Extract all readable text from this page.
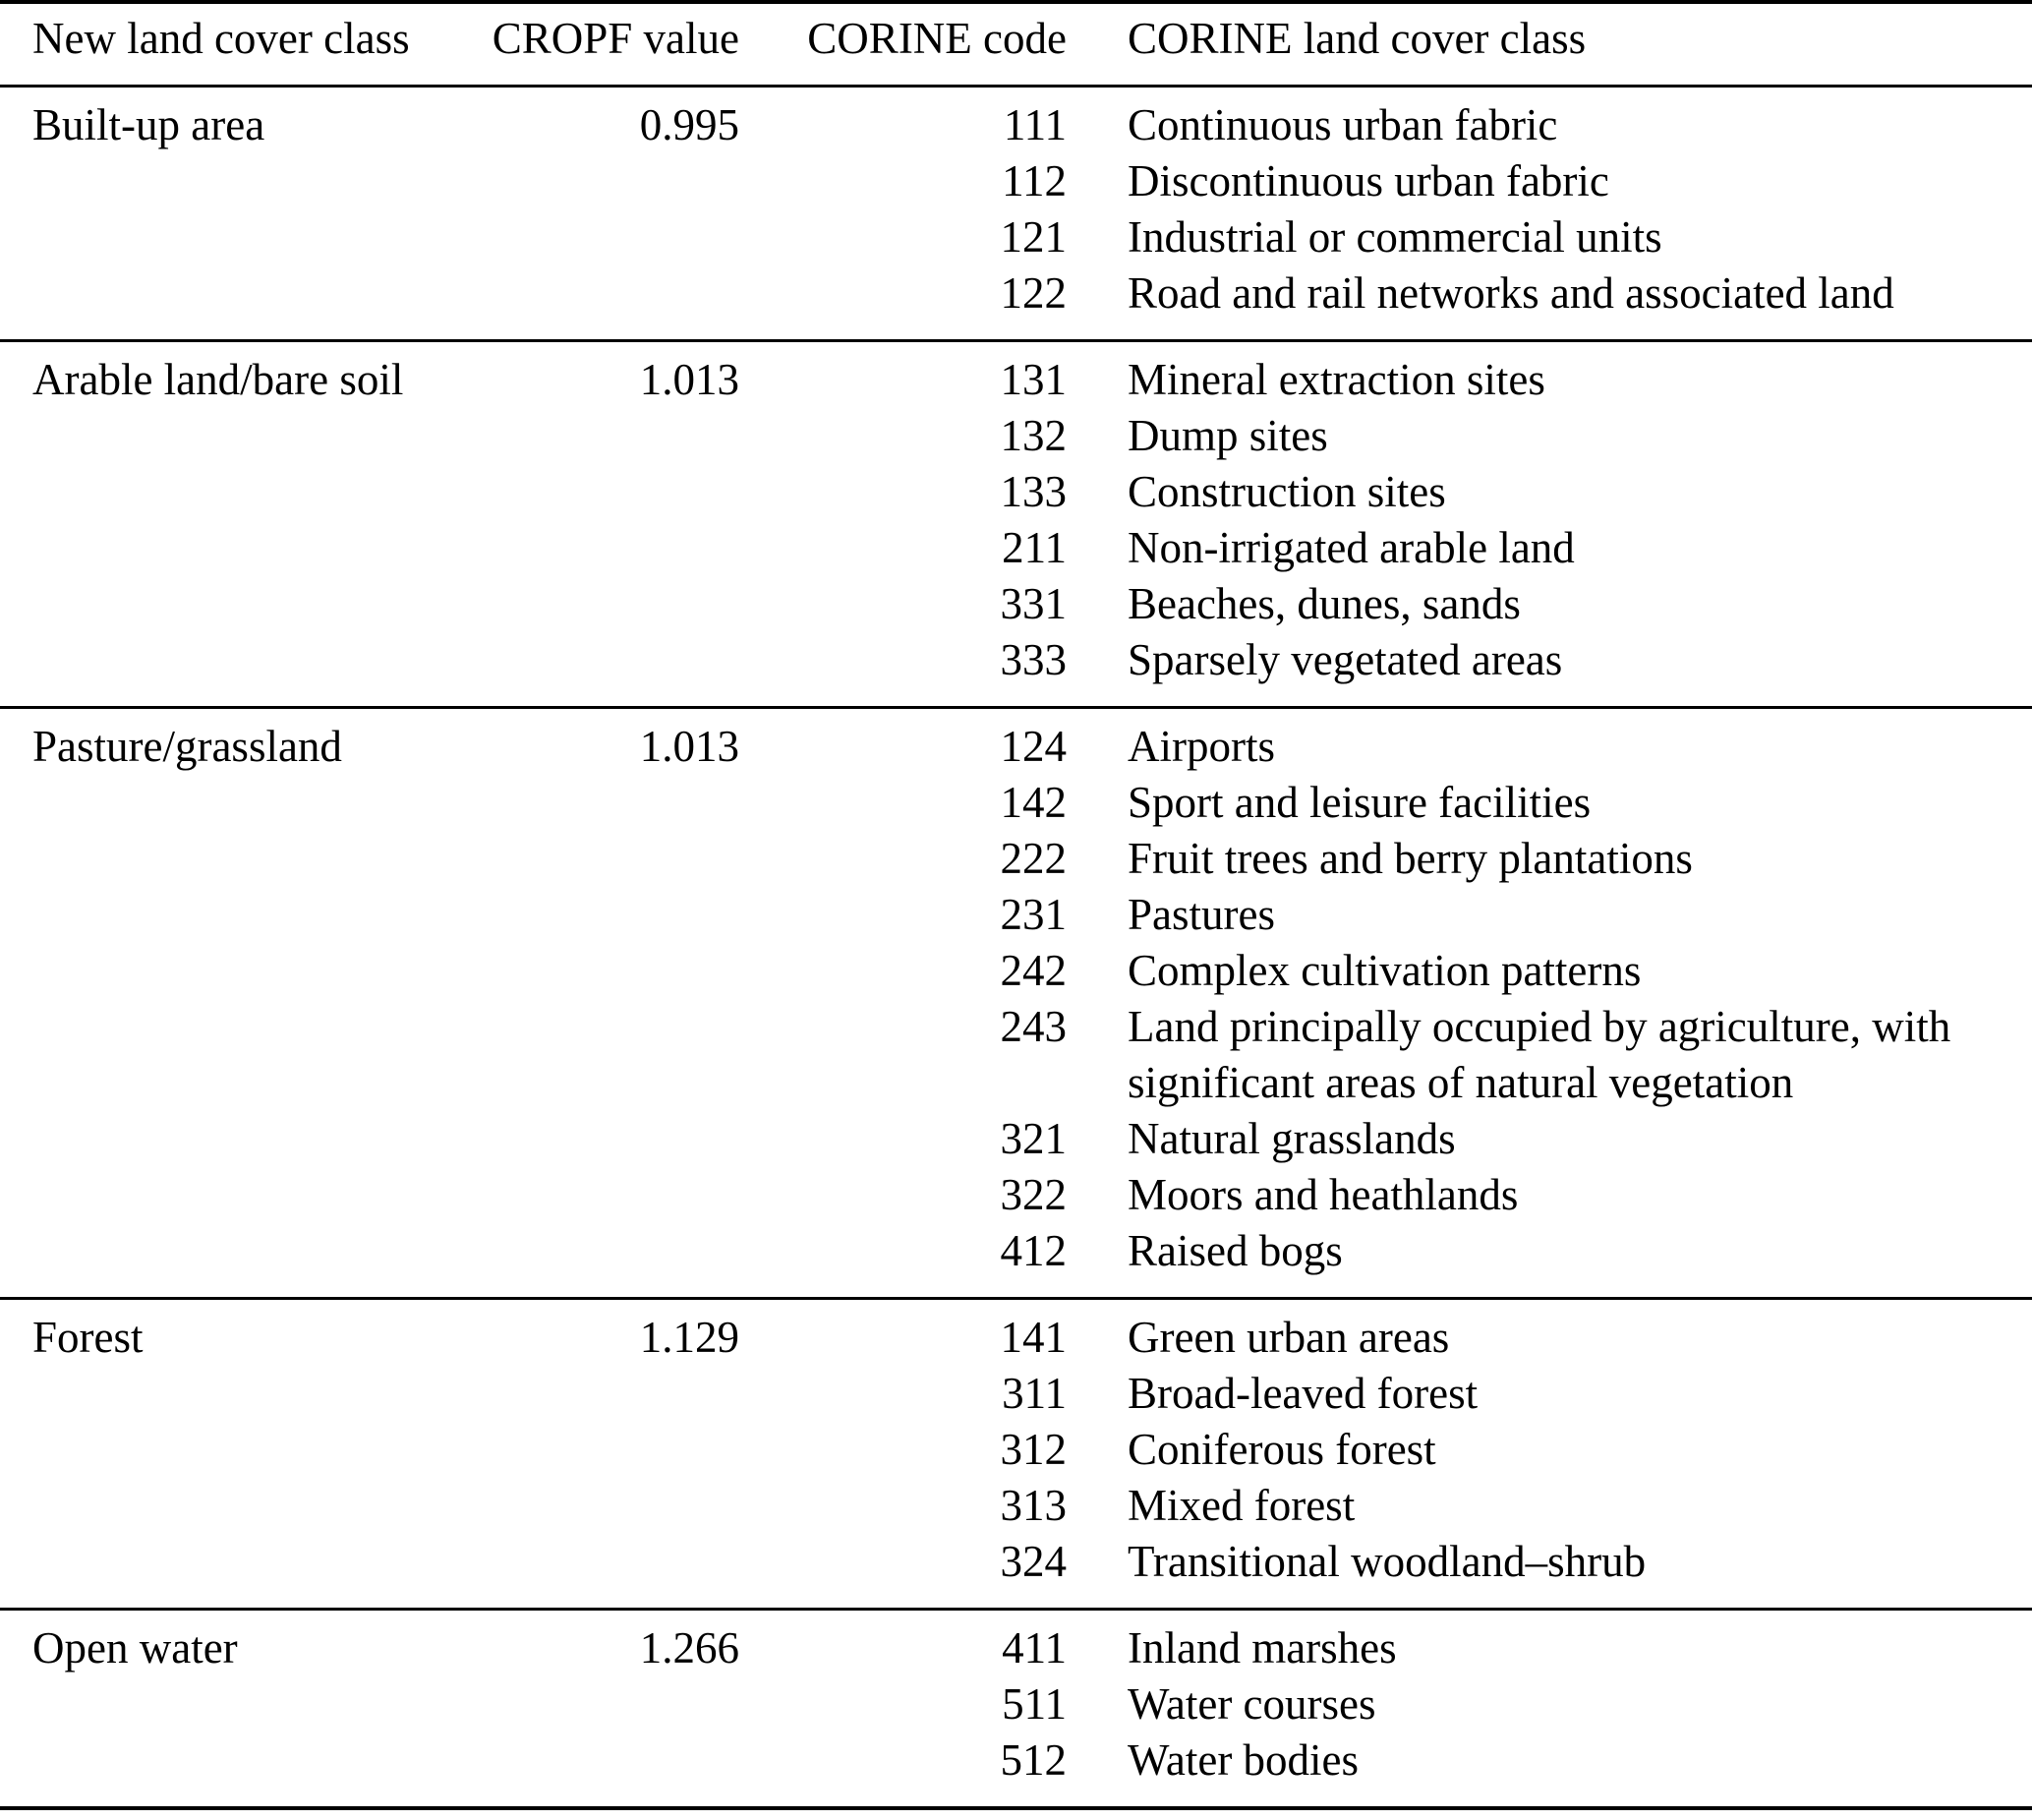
New land cover class	CROPF value	CORINE code	CORINE land cover class
Built-up area	0.995	111	Continuous urban fabric
		112	Discontinuous urban fabric
		121	Industrial or commercial units
		122	Road and rail networks and associated land
Arable land/bare soil	1.013	131	Mineral extraction sites
		132	Dump sites
		133	Construction sites
		211	Non-irrigated arable land
		331	Beaches, dunes, sands
		333	Sparsely vegetated areas
Pasture/grassland	1.013	124	Airports
		142	Sport and leisure facilities
		222	Fruit trees and berry plantations
		231	Pastures
		242	Complex cultivation patterns
		243	Land principally occupied by agriculture, with significant areas of natural vegetation
		321	Natural grasslands
		322	Moors and heathlands
		412	Raised bogs
Forest	1.129	141	Green urban areas
		311	Broad-leaved forest
		312	Coniferous forest
		313	Mixed forest
		324	Transitional woodland–shrub
Open water	1.266	411	Inland marshes
		511	Water courses
		512	Water bodies
